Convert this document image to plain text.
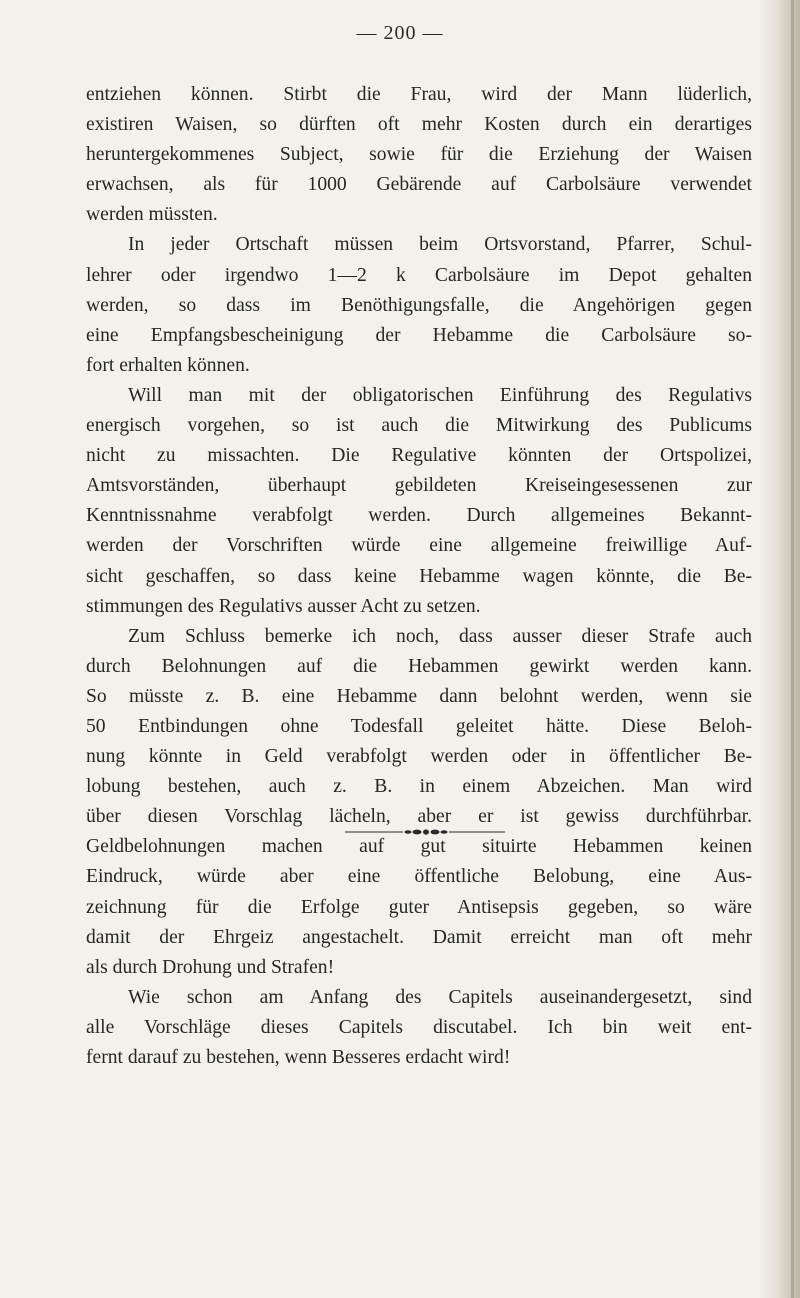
— 200 —
entziehen können. Stirbt die Frau, wird der Mann lüderlich,
existiren Waisen, so dürften oft mehr Kosten durch ein derartiges
heruntergekommenes Subject, sowie für die Erziehung der Waisen
erwachsen, als für 1000 Gebärende auf Carbolsäure verwendet
werden müssten.
In jeder Ortschaft müssen beim Ortsvorstand, Pfarrer, Schul-
lehrer oder irgendwo 1—2 k Carbolsäure im Depot gehalten
werden, so dass im Benöthigungsfalle, die Angehörigen gegen
eine Empfangsbescheinigung der Hebamme die Carbolsäure so-
fort erhalten können.
Will man mit der obligatorischen Einführung des Regulativs
energisch vorgehen, so ist auch die Mitwirkung des Publicums
nicht zu missachten. Die Regulative könnten der Ortspolizei,
Amtsvorständen, überhaupt gebildeten Kreiseingesessenen zur
Kenntnissnahme verabfolgt werden. Durch allgemeines Bekannt-
werden der Vorschriften würde eine allgemeine freiwillige Auf-
sicht geschaffen, so dass keine Hebamme wagen könnte, die Be-
stimmungen des Regulativs ausser Acht zu setzen.
Zum Schluss bemerke ich noch, dass ausser dieser Strafe auch
durch Belohnungen auf die Hebammen gewirkt werden kann.
So müsste z. B. eine Hebamme dann belohnt werden, wenn sie
50 Entbindungen ohne Todesfall geleitet hätte. Diese Beloh-
nung könnte in Geld verabfolgt werden oder in öffentlicher Be-
lobung bestehen, auch z. B. in einem Abzeichen. Man wird
über diesen Vorschlag lächeln, aber er ist gewiss durchführbar.
Geldbelohnungen machen auf gut situirte Hebammen keinen
Eindruck, würde aber eine öffentliche Belobung, eine Aus-
zeichnung für die Erfolge guter Antisepsis gegeben, so wäre
damit der Ehrgeiz angestachelt. Damit erreicht man oft mehr
als durch Drohung und Strafen!
Wie schon am Anfang des Capitels auseinandergesetzt, sind
alle Vorschläge dieses Capitels discutabel. Ich bin weit ent-
fernt darauf zu bestehen, wenn Besseres erdacht wird!
